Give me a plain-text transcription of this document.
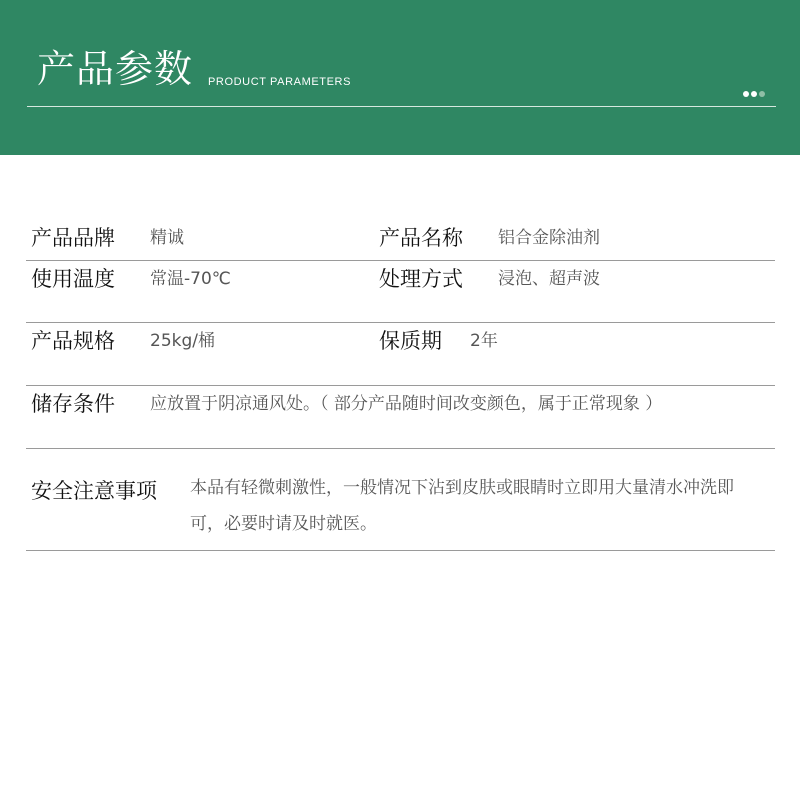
产品参数 PRODUCT PARAMETERS
产品品牌 精诚	产品名称 铝合金除油剂
使用温度 常温-70℃	处理方式 浸泡、超声波
产品规格 25kg/桶	保质期 2年
储存条件 应放置于阴凉通风处。（ 部分产品随时间改变颜色，属于正常现象 ）
安全注意事项 本品有轻微刺激性，一般情况下沾到皮肤或眼睛时立即用大量清水冲洗即可，必要时请及时就医。
